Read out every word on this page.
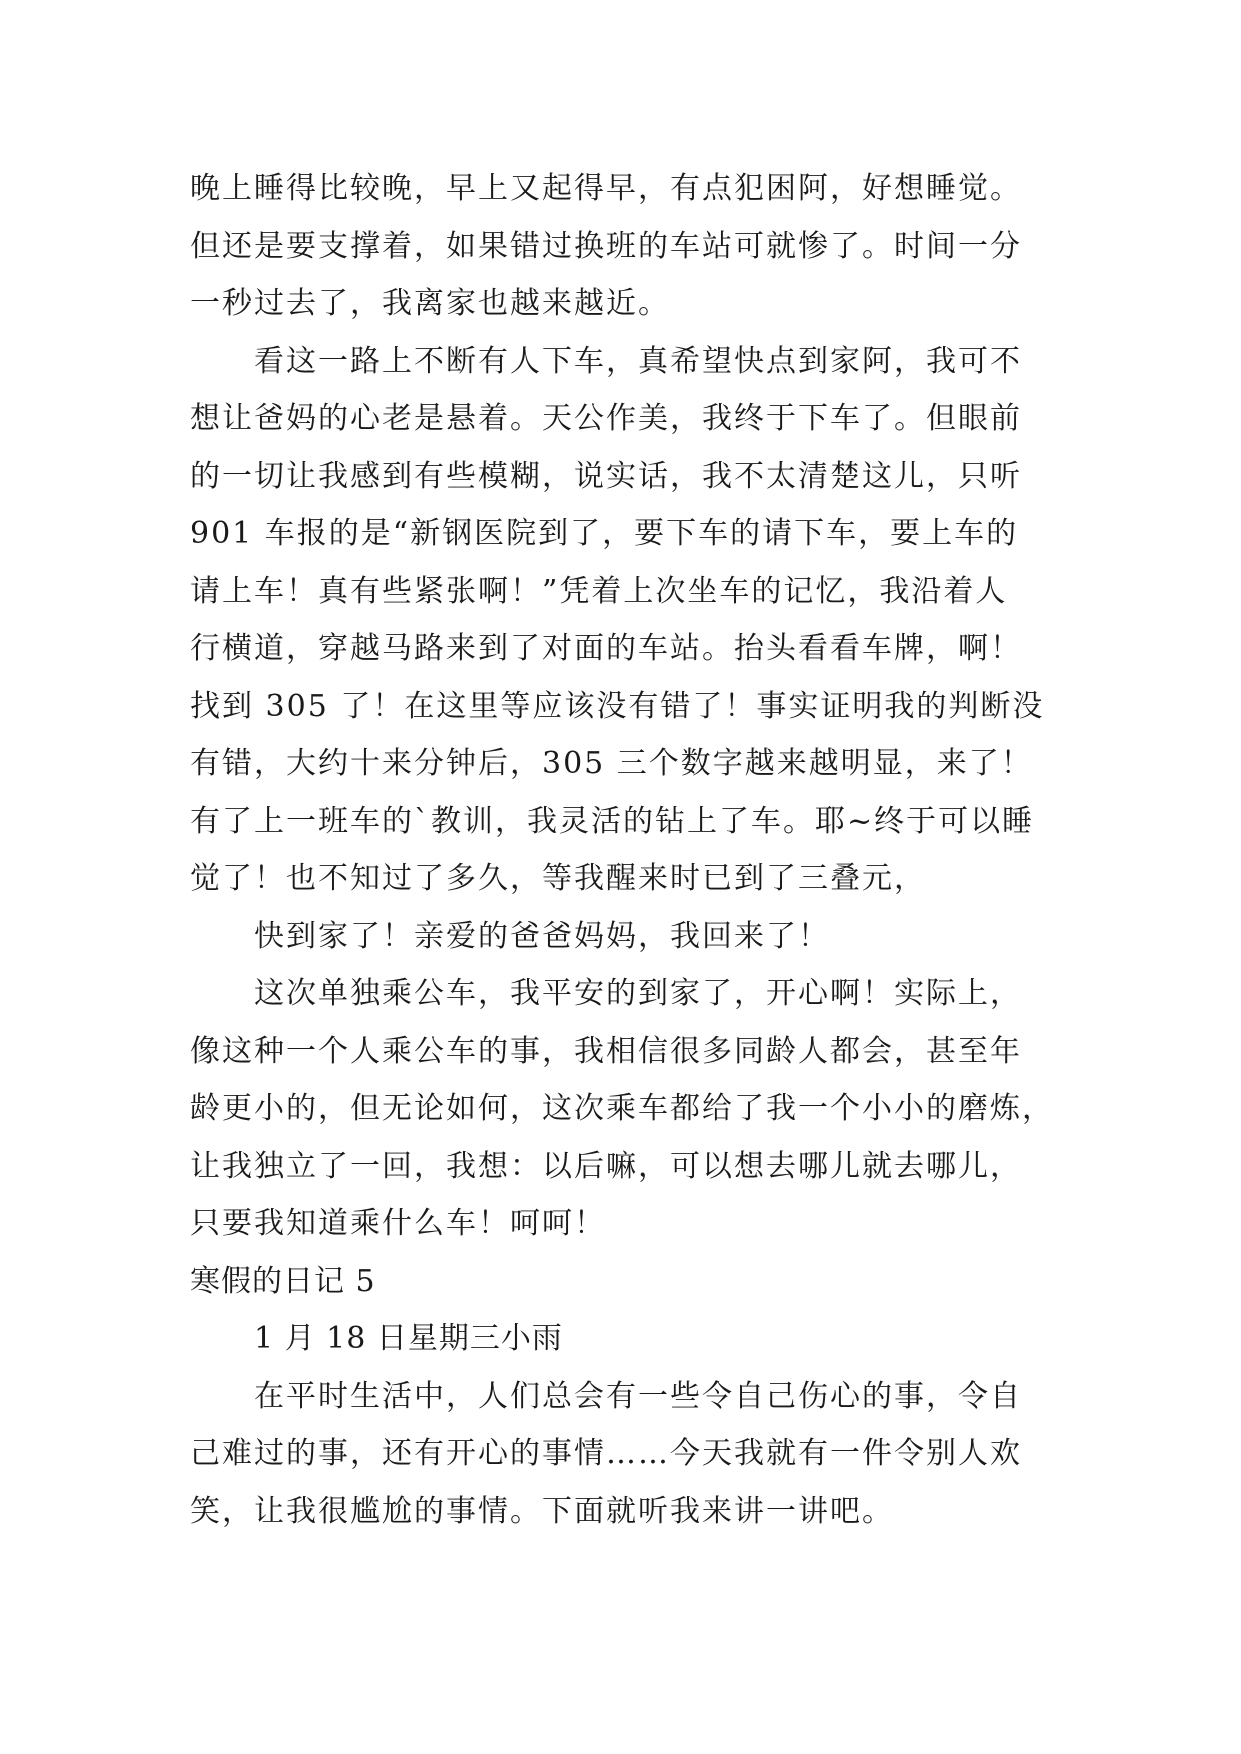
晚上睡得比较晚，早上又起得早，有点犯困阿，好想睡觉。
但还是要支撑着，如果错过换班的车站可就惨了。时间一分
一秒过去了，我离家也越来越近。
看这一路上不断有人下车，真希望快点到家阿，我可不
想让爸妈的心老是悬着。天公作美，我终于下车了。但眼前
的一切让我感到有些模糊，说实话，我不太清楚这儿，只听
901 车报的是“新钢医院到了，要下车的请下车，要上车的
请上车！真有些紧张啊！”凭着上次坐车的记忆，我沿着人
行横道，穿越马路来到了对面的车站。抬头看看车牌，啊！
找到 305 了！在这里等应该没有错了！事实证明我的判断没
有错，大约十来分钟后，305 三个数字越来越明显，来了！
有了上一班车的`教训，我灵活的钻上了车。耶~终于可以睡
觉了！也不知过了多久，等我醒来时已到了三叠元，
快到家了！亲爱的爸爸妈妈，我回来了！
这次单独乘公车，我平安的到家了，开心啊！实际上，
像这种一个人乘公车的事，我相信很多同龄人都会，甚至年
龄更小的，但无论如何，这次乘车都给了我一个小小的磨炼，
让我独立了一回，我想：以后嘛，可以想去哪儿就去哪儿，
只要我知道乘什么车！呵呵！
寒假的日记 5
1 月 18 日星期三小雨
在平时生活中，人们总会有一些令自己伤心的事，令自
己难过的事，还有开心的事情……今天我就有一件令别人欢
笑，让我很尴尬的事情。下面就听我来讲一讲吧。
